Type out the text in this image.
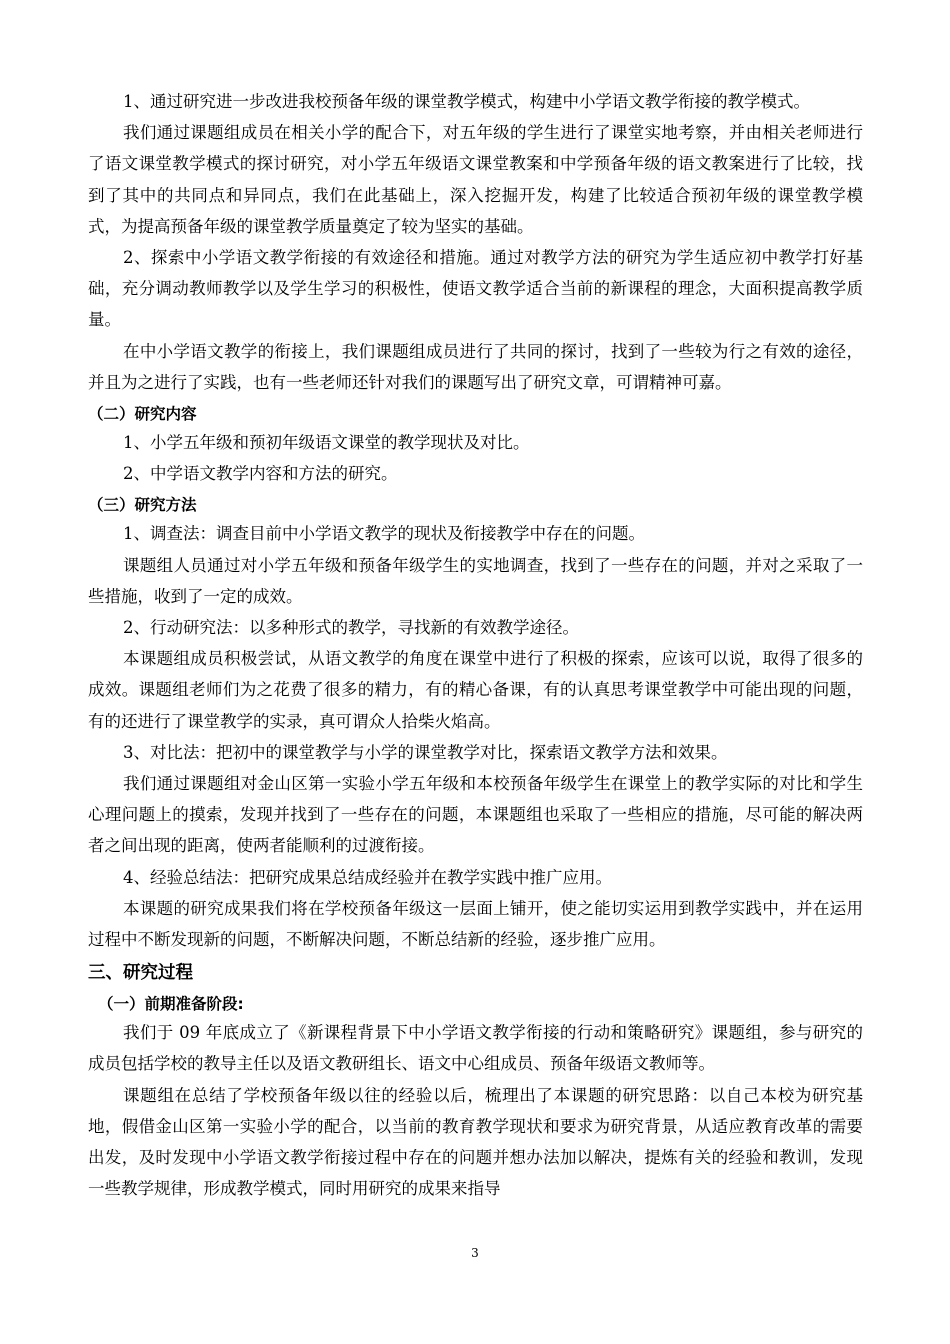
1、通过研究进一步改进我校预备年级的课堂教学模式，构建中小学语文教学衔接的教学模式。

我们通过课题组成员在相关小学的配合下，对五年级的学生进行了课堂实地考察，并由相关老师进行了语文课堂教学模式的探讨研究，对小学五年级语文课堂教案和中学预备年级的语文教案进行了比较，找到了其中的共同点和异同点，我们在此基础上，深入挖掘开发，构建了比较适合预初年级的课堂教学模式，为提高预备年级的课堂教学质量奠定了较为坚实的基础。

2、探索中小学语文教学衔接的有效途径和措施。通过对教学方法的研究为学生适应初中教学打好基础，充分调动教师教学以及学生学习的积极性，使语文教学适合当前的新课程的理念，大面积提高教学质量。

在中小学语文教学的衔接上，我们课题组成员进行了共同的探讨，找到了一些较为行之有效的途径，并且为之进行了实践，也有一些老师还针对我们的课题写出了研究文章，可谓精神可嘉。

（二）研究内容

1、小学五年级和预初年级语文课堂的教学现状及对比。

2、中学语文教学内容和方法的研究。

（三）研究方法

1、调查法：调查目前中小学语文教学的现状及衔接教学中存在的问题。

课题组人员通过对小学五年级和预备年级学生的实地调查，找到了一些存在的问题，并对之采取了一些措施，收到了一定的成效。

2、行动研究法：以多种形式的教学，寻找新的有效教学途径。

本课题组成员积极尝试，从语文教学的角度在课堂中进行了积极的探索，应该可以说，取得了很多的成效。课题组老师们为之花费了很多的精力，有的精心备课，有的认真思考课堂教学中可能出现的问题，有的还进行了课堂教学的实录，真可谓众人拾柴火焰高。

3、对比法：把初中的课堂教学与小学的课堂教学对比，探索语文教学方法和效果。

我们通过课题组对金山区第一实验小学五年级和本校预备年级学生在课堂上的教学实际的对比和学生心理问题上的摸索，发现并找到了一些存在的问题，本课题组也采取了一些相应的措施，尽可能的解决两者之间出现的距离，使两者能顺利的过渡衔接。

4、经验总结法：把研究成果总结成经验并在教学实践中推广应用。

本课题的研究成果我们将在学校预备年级这一层面上铺开，使之能切实运用到教学实践中，并在运用过程中不断发现新的问题，不断解决问题，不断总结新的经验，逐步推广应用。

三、研究过程
（一）前期准备阶段:

我们于 09 年底成立了《新课程背景下中小学语文教学衔接的行动和策略研究》课题组，参与研究的成员包括学校的教导主任以及语文教研组长、语文中心组成员、预备年级语文教师等。

课题组在总结了学校预备年级以往的经验以后，梳理出了本课题的研究思路：以自己本校为研究基地，假借金山区第一实验小学的配合，以当前的教育教学现状和要求为研究背景，从适应教育改革的需要出发，及时发现中小学语文教学衔接过程中存在的问题并想办法加以解决，提炼有关的经验和教训，发现一些教学规律，形成教学模式，同时用研究的成果来指导

3
